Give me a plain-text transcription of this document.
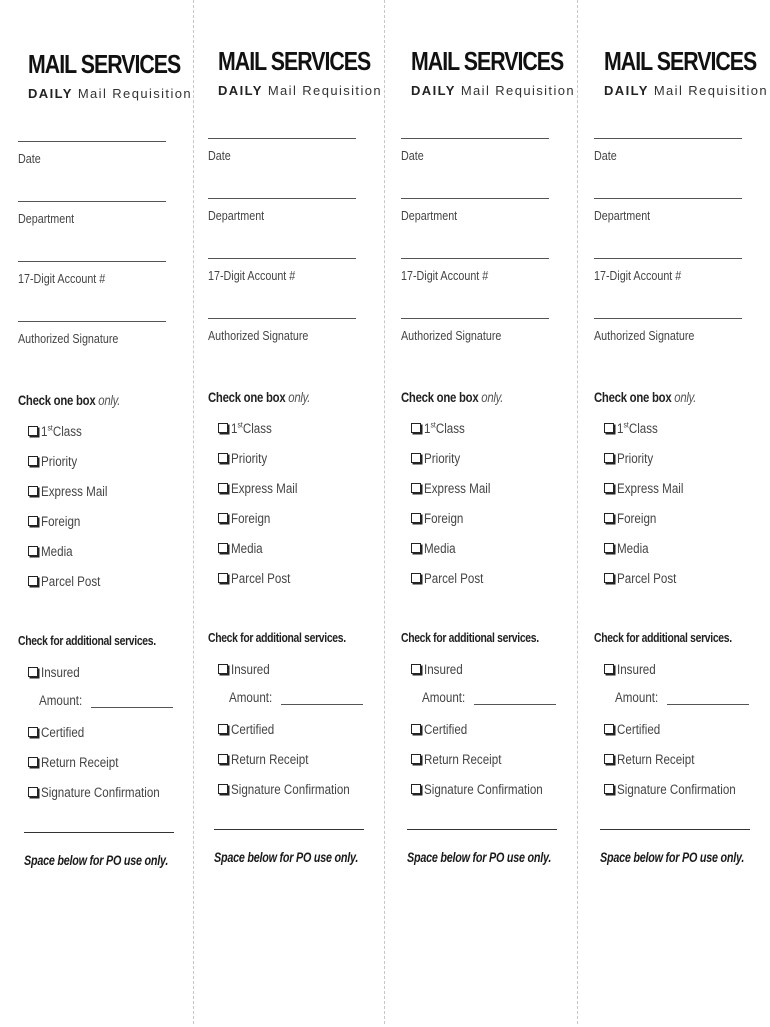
MAIL SERVICES
DAILY Mail Requisition
Date
Department
17-Digit Account #
Authorized Signature
Check one box only.
1stClass
Priority
Express Mail
Foreign
Media
Parcel Post
Check for additional services.
Insured
Amount:
Certified
Return Receipt
Signature Confirmation
Space below for PO use only.
MAIL SERVICES
DAILY Mail Requisition
Date
Department
17-Digit Account #
Authorized Signature
Check one box only.
1stClass
Priority
Express Mail
Foreign
Media
Parcel Post
Check for additional services.
Insured
Amount:
Certified
Return Receipt
Signature Confirmation
Space below for PO use only.
MAIL SERVICES
DAILY Mail Requisition
Date
Department
17-Digit Account #
Authorized Signature
Check one box only.
1stClass
Priority
Express Mail
Foreign
Media
Parcel Post
Check for additional services.
Insured
Amount:
Certified
Return Receipt
Signature Confirmation
Space below for PO use only.
MAIL SERVICES
DAILY Mail Requisition
Date
Department
17-Digit Account #
Authorized Signature
Check one box only.
1stClass
Priority
Express Mail
Foreign
Media
Parcel Post
Check for additional services.
Insured
Amount:
Certified
Return Receipt
Signature Confirmation
Space below for PO use only.
